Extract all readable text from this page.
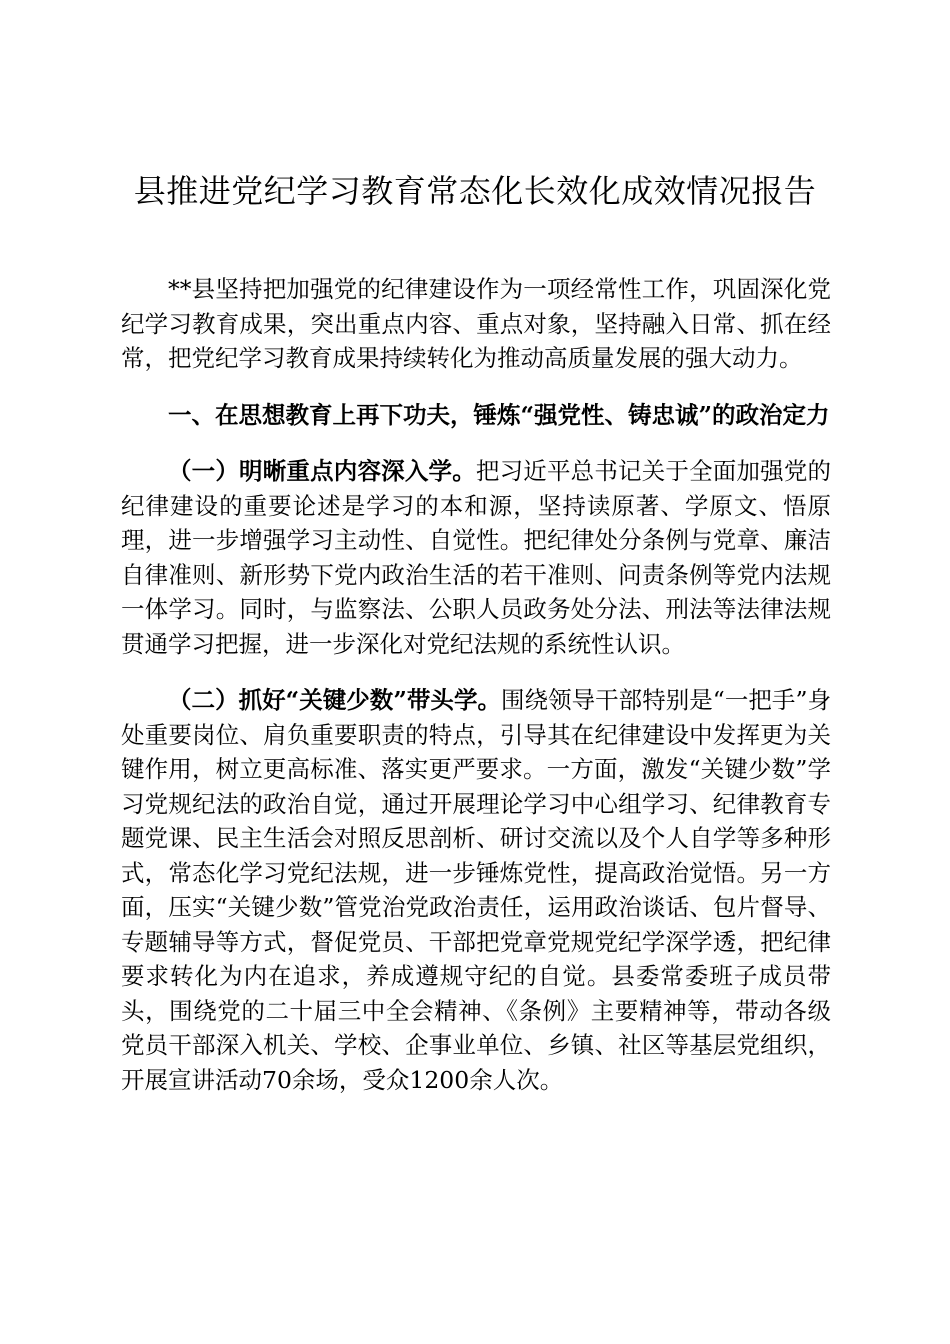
县推进党纪学习教育常态化长效化成效情况报告

**县坚持把加强党的纪律建设作为一项经常性工作，巩固深化党纪学习教育成果，突出重点内容、重点对象，坚持融入日常、抓在经常，把党纪学习教育成果持续转化为推动高质量发展的强大动力。

一、在思想教育上再下功夫，锤炼“强党性、铸忠诚”的政治定力

（一）明晰重点内容深入学。把习近平总书记关于全面加强党的纪律建设的重要论述是学习的本和源，坚持读原著、学原文、悟原理，进一步增强学习主动性、自觉性。把纪律处分条例与党章、廉洁自律准则、新形势下党内政治生活的若干准则、问责条例等党内法规一体学习。同时，与监察法、公职人员政务处分法、刑法等法律法规贯通学习把握，进一步深化对党纪法规的系统性认识。

（二）抓好“关键少数”带头学。围绕领导干部特别是“一把手”身处重要岗位、肩负重要职责的特点，引导其在纪律建设中发挥更为关键作用，树立更高标准、落实更严要求。一方面，激发“关键少数”学习党规纪法的政治自觉，通过开展理论学习中心组学习、纪律教育专题党课、民主生活会对照反思剖析、研讨交流以及个人自学等多种形式，常态化学习党纪法规，进一步锤炼党性，提高政治觉悟。另一方面，压实“关键少数”管党治党政治责任，运用政治谈话、包片督导、专题辅导等方式，督促党员、干部把党章党规党纪学深学透，把纪律要求转化为内在追求，养成遵规守纪的自觉。县委常委班子成员带头，围绕党的二十届三中全会精神、《条例》主要精神等，带动各级党员干部深入机关、学校、企事业单位、乡镇、社区等基层党组织，开展宣讲活动70余场，受众1200余人次。
